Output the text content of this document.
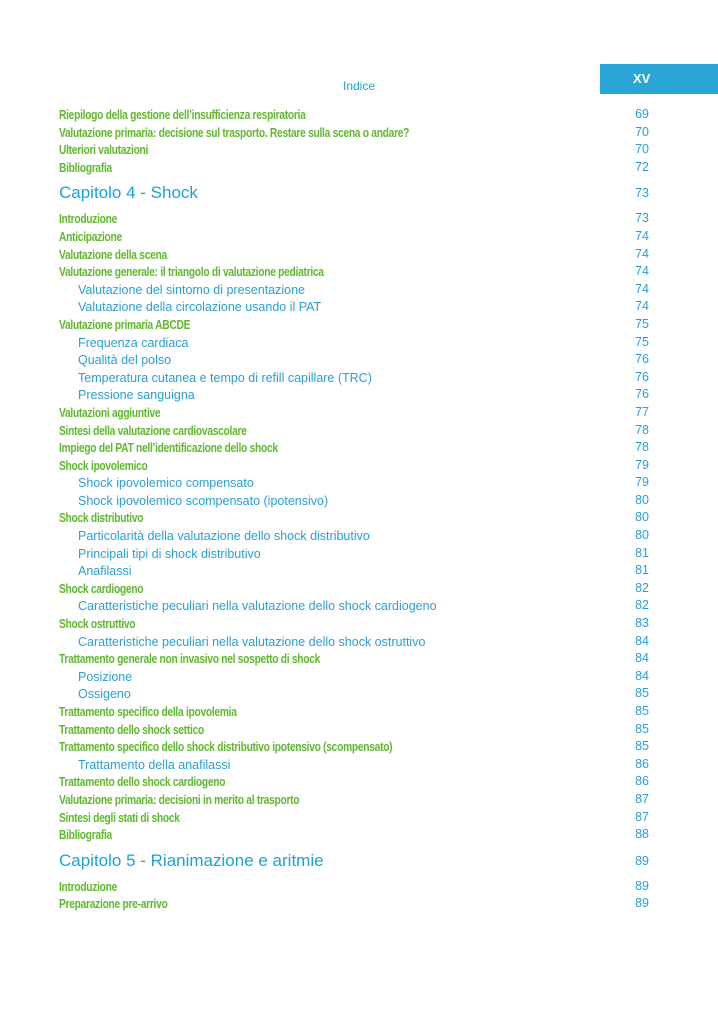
Indice	XV
Riepilogo della gestione dell’insufficienza respiratoria	69
Valutazione primaria: decisione sul trasporto. Restare sulla scena o andare?	70
Ulteriori valutazioni	70
Bibliografia	72
Capitolo 4 - Shock	73
Introduzione	73
Anticipazione	74
Valutazione della scena	74
Valutazione generale: il triangolo di valutazione pediatrica	74
Valutazione del sintomo di presentazione	74
Valutazione della circolazione usando il PAT	74
Valutazione primaria ABCDE	75
Frequenza cardiaca	75
Qualità del polso	76
Temperatura cutanea e tempo di refill capillare (TRC)	76
Pressione sanguigna	76
Valutazioni aggiuntive	77
Sintesi della valutazione cardiovascolare	78
Impiego del PAT nell’identificazione dello shock	78
Shock ipovolemico	79
Shock ipovolemico compensato	79
Shock ipovolemico scompensato (ipotensivo)	80
Shock distributivo	80
Particolarità della valutazione dello shock distributivo	80
Principali tipi di shock distributivo	81
Anafilassi	81
Shock cardiogeno	82
Caratteristiche peculiari nella valutazione dello shock cardiogeno	82
Shock ostruttivo	83
Caratteristiche peculiari nella valutazione dello shock ostruttivo	84
Trattamento generale non invasivo nel sospetto di shock	84
Posizione	84
Ossigeno	85
Trattamento specifico della ipovolemia	85
Trattamento dello shock settico	85
Trattamento specifico dello shock distributivo ipotensivo (scompensato)	85
Trattamento della anafilassi	86
Trattamento dello shock cardiogeno	86
Valutazione primaria: decisioni in merito al trasporto	87
Sintesi degli stati di shock	87
Bibliografia	88
Capitolo 5 - Rianimazione e aritmie	89
Introduzione	89
Preparazione pre-arrivo	89
